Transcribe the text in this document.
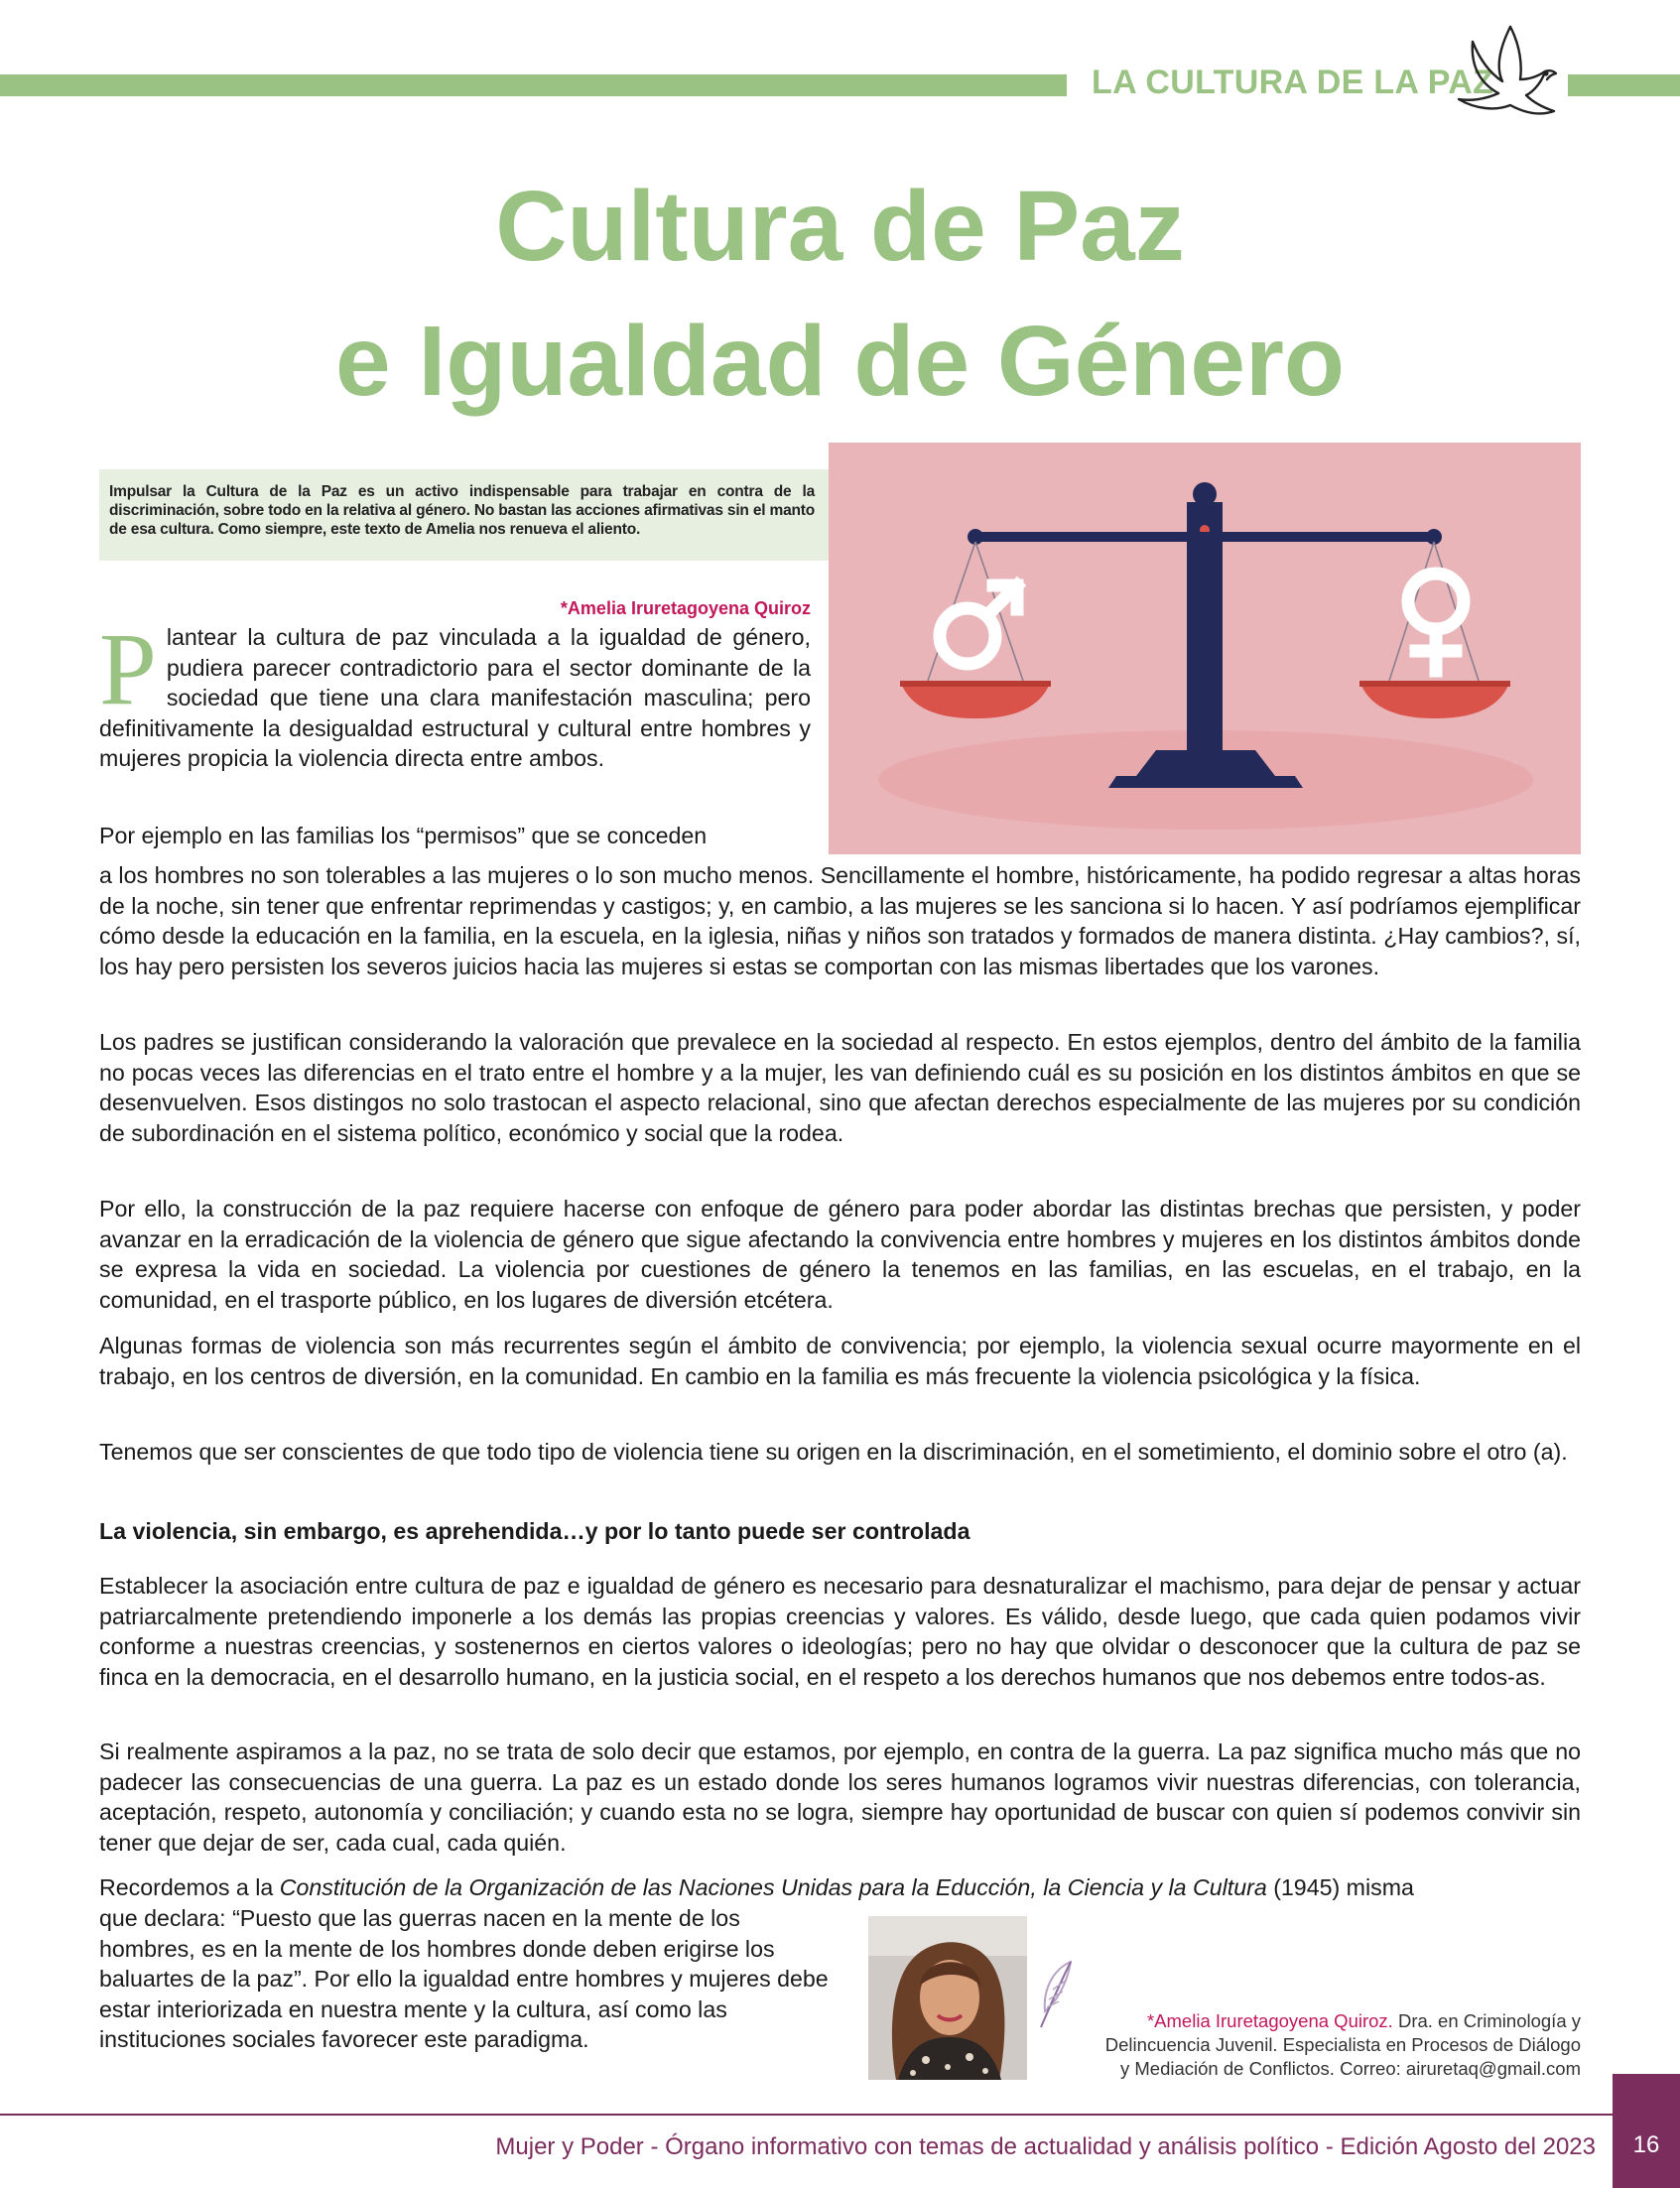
LA CULTURA DE LA PAZ
Cultura de Paz
e Igualdad de Género

Impulsar la Cultura de la Paz es un activo indispensable para trabajar en contra de la discriminación, sobre todo en la relativa al género. No bastan las acciones afirmativas sin el manto de esa cultura. Como siempre, este texto de Amelia nos renueva el aliento.

*Amelia Iruretagoyena Quiroz

Plantear la cultura de paz vinculada a la igualdad de género, pudiera parecer contradictorio para el sector dominante de la sociedad que tiene una clara manifestación masculina; pero definitivamente la desigualdad estructural y cultural entre hombres y mujeres propicia la violencia directa entre ambos.

Por ejemplo en las familias los “permisos” que se conceden

a los hombres no son tolerables a las mujeres o lo son mucho menos. Sencillamente el hombre, históricamente, ha podido regresar a altas horas de la noche, sin tener que enfrentar reprimendas y castigos; y, en cambio, a las mujeres se les sanciona si lo hacen. Y así podríamos ejemplificar cómo desde la educación en la familia, en la escuela, en la iglesia, niñas y niños son tratados y formados de manera distinta. ¿Hay cambios?, sí, los hay pero persisten los severos juicios hacia las mujeres si estas se comportan con las mismas libertades que los varones.

Los padres se justifican considerando la valoración que prevalece en la sociedad al respecto. En estos ejemplos, dentro del ámbito de la familia no pocas veces las diferencias en el trato entre el hombre y a la mujer, les van definiendo cuál es su posición en los distintos ámbitos en que se desenvuelven. Esos distingos no solo trastocan el aspecto relacional, sino que afectan derechos especialmente de las mujeres por su condición de subordinación en el sistema político, económico y social que la rodea.

Por ello, la construcción de la paz requiere hacerse con enfoque de género para poder abordar las distintas brechas que persisten, y poder avanzar en la erradicación de la violencia de género que sigue afectando la convivencia entre hombres y mujeres en los distintos ámbitos donde se expresa la vida en sociedad. La violencia por cuestiones de género la tenemos en las familias, en las escuelas, en el trabajo, en la comunidad, en el trasporte público, en los lugares de diversión etcétera.

Algunas formas de violencia son más recurrentes según el ámbito de convivencia; por ejemplo, la violencia sexual ocurre mayormente en el trabajo, en los centros de diversión, en la comunidad. En cambio en la familia es más frecuente la violencia psicológica y la física.

Tenemos que ser conscientes de que todo tipo de violencia tiene su origen en la discriminación, en el sometimiento, el dominio sobre el otro (a).

La violencia, sin embargo, es aprehendida…y por lo tanto puede ser controlada

Establecer la asociación entre cultura de paz e igualdad de género es necesario para desnaturalizar el machismo, para dejar de pensar y actuar patriarcalmente pretendiendo imponerle a los demás las propias creencias y valores. Es válido, desde luego, que cada quien podamos vivir conforme a nuestras creencias, y sostenernos en ciertos valores o ideologías; pero no hay que olvidar o desconocer que la cultura de paz se finca en la democracia, en el desarrollo humano, en la justicia social, en el respeto a los derechos humanos que nos debemos entre todos-as.

Si realmente aspiramos a la paz, no se trata de solo decir que estamos, por ejemplo, en contra de la guerra. La paz significa mucho más que no padecer las consecuencias de una guerra. La paz es un estado donde los seres humanos logramos vivir nuestras diferencias, con tolerancia, aceptación, respeto, autonomía y conciliación; y cuando esta no se logra, siempre hay oportunidad de buscar con quien sí podemos convivir sin tener que dejar de ser, cada cual, cada quién.

Recordemos a la Constitución de la Organización de las Naciones Unidas para la Educción, la Ciencia y la Cultura (1945) misma

que declara: “Puesto que las guerras nacen en la mente de los hombres, es en la mente de los hombres donde deben erigirse los baluartes de la paz”. Por ello la igualdad entre hombres y mujeres debe estar interiorizada en nuestra mente y la cultura, así como las instituciones sociales favorecer este paradigma.

*Amelia Iruretagoyena Quiroz. Dra. en Criminología y
Delincuencia Juvenil. Especialista en Procesos de Diálogo
y Mediación de Conflictos. Correo: airuretaq@gmail.com

Mujer y Poder - Órgano informativo con temas de actualidad y análisis político - Edición Agosto del 2023	16
